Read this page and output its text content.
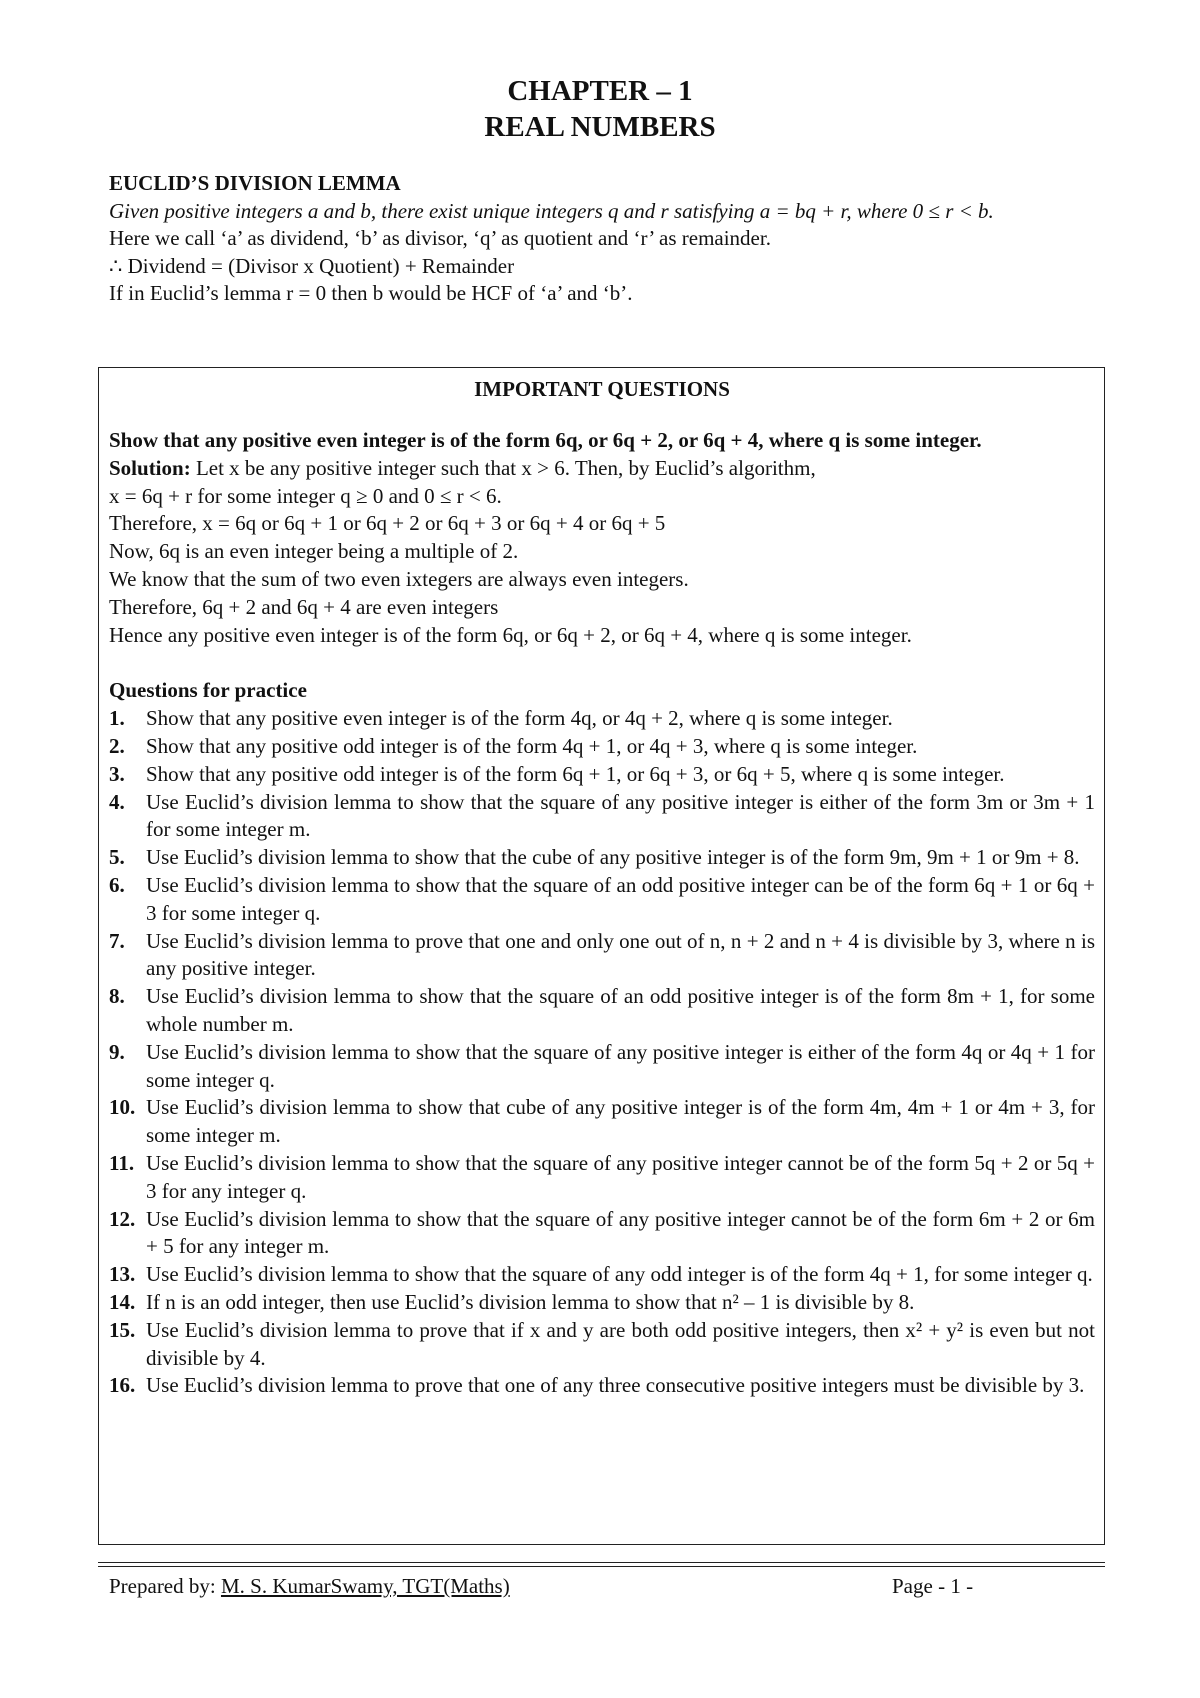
CHAPTER – 1
REAL NUMBERS

EUCLID’S DIVISION LEMMA

Given positive integers a and b, there exist unique integers q and r satisfying a = bq + r, where 0 ≤ r < b.

Here we call ‘a’ as dividend, ‘b’ as divisor, ‘q’ as quotient and ‘r’ as remainder.

∴ Dividend = (Divisor x Quotient) + Remainder

If in Euclid’s lemma r = 0 then b would be HCF of ‘a’ and ‘b’.

IMPORTANT QUESTIONS
Show that any positive even integer is of the form 6q, or 6q + 2, or 6q + 4, where q is some integer.

Solution: Let x be any positive integer such that x > 6. Then, by Euclid’s algorithm,

x = 6q + r for some integer q ≥ 0 and 0 ≤ r < 6.

Therefore, x = 6q or 6q + 1 or 6q + 2 or 6q + 3 or 6q + 4 or 6q + 5

Now, 6q is an even integer being a multiple of 2.

We know that the sum of two even ixtegers are always even integers.

Therefore, 6q + 2 and 6q + 4 are even integers

Hence any positive even integer is of the form 6q, or 6q + 2, or 6q + 4, where q is some integer.

Questions for practice
1.	Show that any positive even integer is of the form 4q, or 4q + 2, where q is some integer.
2.	Show that any positive odd integer is of the form 4q + 1, or 4q + 3, where q is some integer.
3.	Show that any positive odd integer is of the form 6q + 1, or 6q + 3, or 6q + 5, where q is some integer.
4.	Use Euclid’s division lemma to show that the square of any positive integer is either of the form 3m or 3m + 1 for some integer m.
5.	Use Euclid’s division lemma to show that the cube of any positive integer is of the form 9m, 9m + 1 or 9m + 8.
6.	Use Euclid’s division lemma to show that the square of an odd positive integer can be of the form 6q + 1 or 6q + 3 for some integer q.
7.	Use Euclid’s division lemma to prove that one and only one out of n, n + 2 and n + 4 is divisible by 3, where n is any positive integer.
8.	Use Euclid’s division lemma to show that the square of an odd positive integer is of the form 8m + 1, for some whole number m.
9.	Use Euclid’s division lemma to show that the square of any positive integer is either of the form 4q or 4q + 1 for some integer q.
10. Use Euclid’s division lemma to show that cube of any positive integer is of the form 4m, 4m + 1 or 4m + 3, for some integer m.
11. Use Euclid’s division lemma to show that the square of any positive integer cannot be of the form 5q + 2 or 5q + 3 for any integer q.
12. Use Euclid’s division lemma to show that the square of any positive integer cannot be of the form 6m + 2 or 6m + 5 for any integer m.
13. Use Euclid’s division lemma to show that the square of any odd integer is of the form 4q + 1, for some integer q.
14. If n is an odd integer, then use Euclid’s division lemma to show that n² – 1 is divisible by 8.
15. Use Euclid’s division lemma to prove that if x and y are both odd positive integers, then x² + y² is even but not divisible by 4.
16. Use Euclid’s division lemma to prove that one of any three consecutive positive integers must be divisible by 3.
Prepared by: M. S. KumarSwamy, TGT(Maths)	Page - 1 -
